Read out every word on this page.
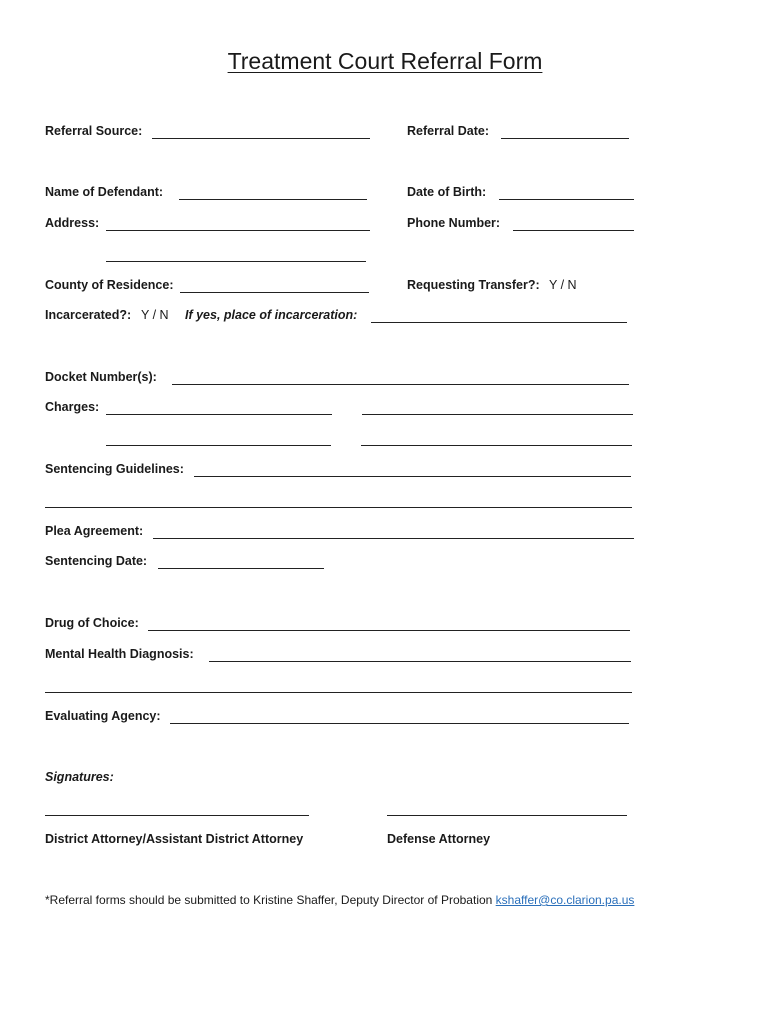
Treatment Court Referral Form
Referral Source:	Referral Date:
Name of Defendant:	Date of Birth:
Address:	Phone Number:
County of Residence:	Requesting Transfer?: Y / N
Incarcerated?: Y / N If yes, place of incarceration:
Docket Number(s):
Charges:
Sentencing Guidelines:
Plea Agreement:
Sentencing Date:
Drug of Choice:
Mental Health Diagnosis:
Evaluating Agency:
Signatures:
District Attorney/Assistant District Attorney	Defense Attorney
*Referral forms should be submitted to Kristine Shaffer, Deputy Director of Probation kshaffer@co.clarion.pa.us
